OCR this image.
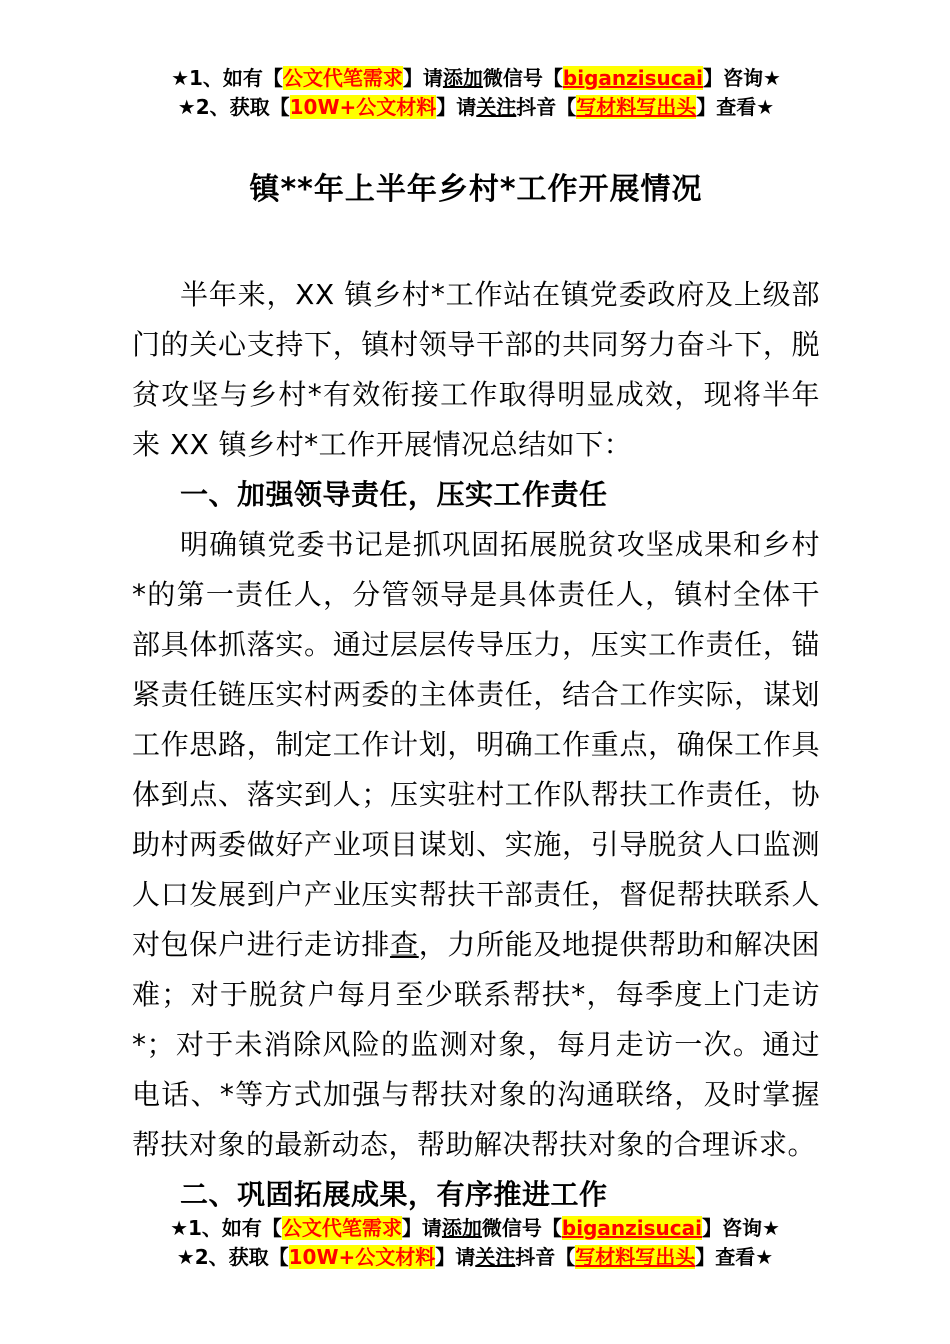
★1、如有【公文代笔需求】请添加微信号【biganzisucai】咨询★

★2、获取【10W+公文材料】请关注抖音【写材料写出头】查看★

镇**年上半年乡村*工作开展情况

半年来，XX 镇乡村*工作站在镇党委政府及上级部门的关心支持下，镇村领导干部的共同努力奋斗下，脱贫攻坚与乡村*有效衔接工作取得明显成效，现将半年来 XX 镇乡村*工作开展情况总结如下：

一、加强领导责任，压实工作责任

明确镇党委书记是抓巩固拓展脱贫攻坚成果和乡村*的第一责任人，分管领导是具体责任人，镇村全体干部具体抓落实。通过层层传导压力，压实工作责任，锚紧责任链压实村两委的主体责任，结合工作实际，谋划工作思路，制定工作计划，明确工作重点，确保工作具体到点、落实到人；压实驻村工作队帮扶工作责任，协助村两委做好产业项目谋划、实施，引导脱贫人口监测人口发展到户产业压实帮扶干部责任，督促帮扶联系人对包保户进行走访排查，力所能及地提供帮助和解决困难；对于脱贫户每月至少联系帮扶*，每季度上门走访*；对于未消除风险的监测对象，每月走访一次。通过电话、*等方式加强与帮扶对象的沟通联络，及时掌握帮扶对象的最新动态，帮助解决帮扶对象的合理诉求。

二、巩固拓展成果，有序推进工作

★1、如有【公文代笔需求】请添加微信号【biganzisucai】咨询★

★2、获取【10W+公文材料】请关注抖音【写材料写出头】查看★
